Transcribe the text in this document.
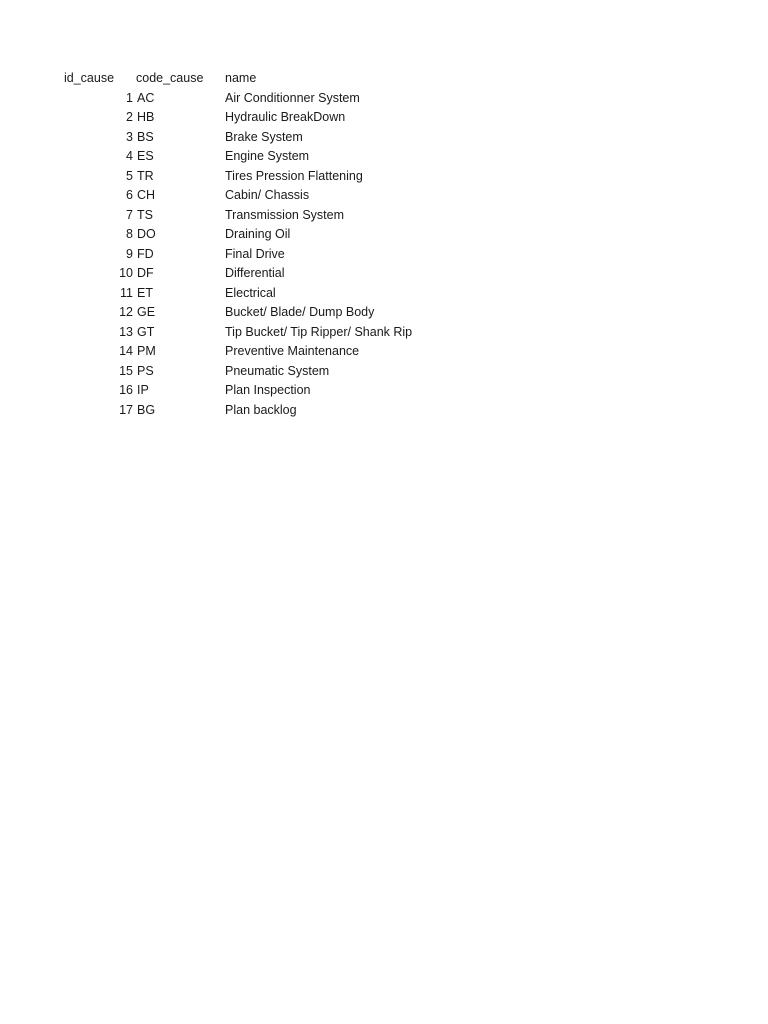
id_cause code_cause name
1 AC	Air Conditionner System
2 HB	Hydraulic BreakDown
3 BS	Brake System
4 ES	Engine System
5 TR	Tires Pression Flattening
6 CH	Cabin/ Chassis
7 TS	Transmission System
8 DO	Draining Oil
9 FD	Final Drive
10 DF	Differential
11 ET	Electrical
12 GE	Bucket/ Blade/ Dump Body
13 GT	Tip Bucket/ Tip Ripper/ Shank Rip
14 PM	Preventive Maintenance
15 PS	Pneumatic System
16 IP	Plan Inspection
17 BG	Plan backlog
